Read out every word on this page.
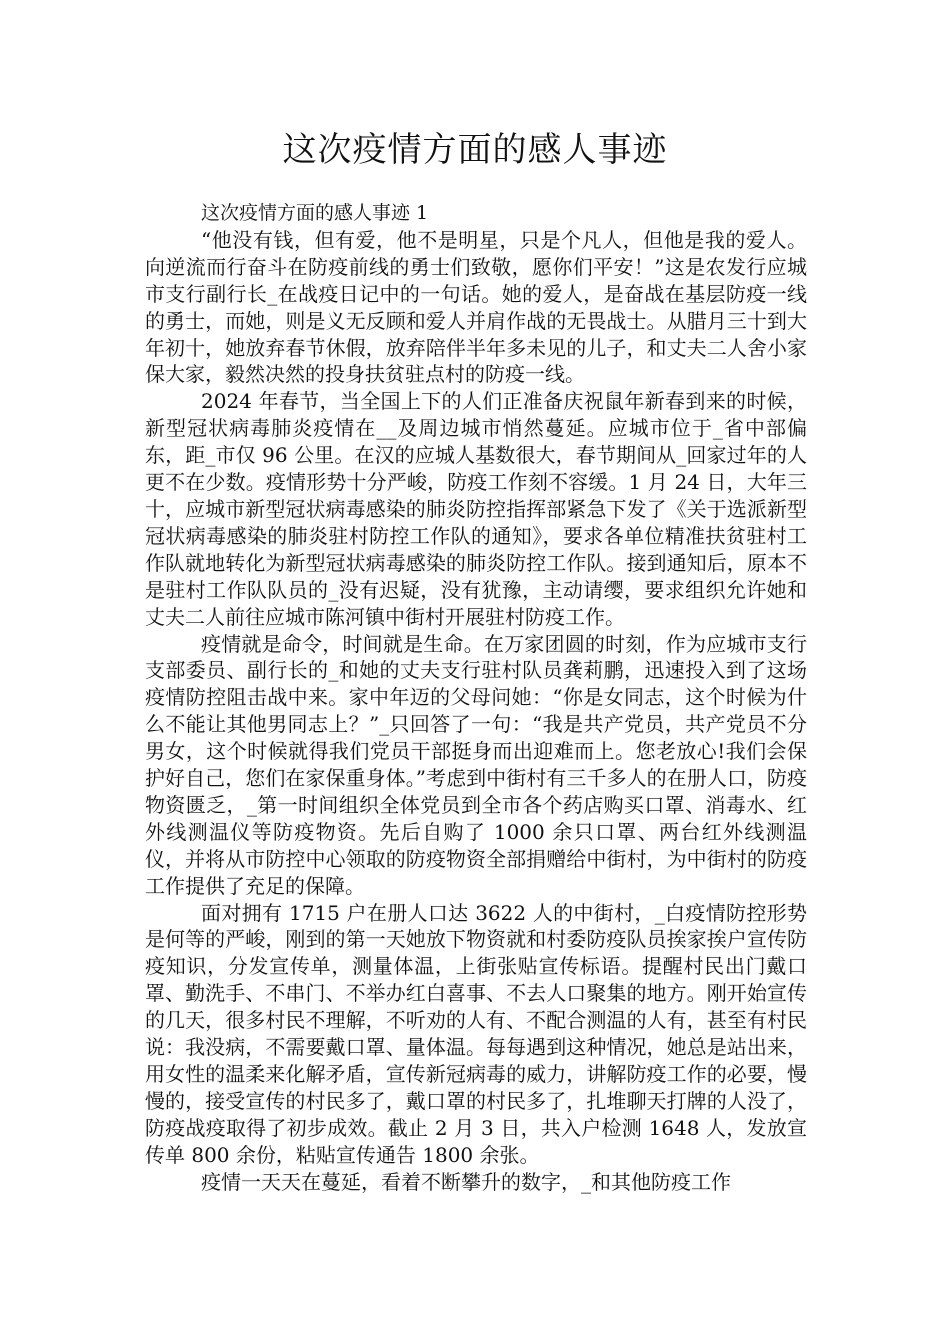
这次疫情方面的感人事迹

这次疫情方面的感人事迹 1

“他没有钱，但有爱，他不是明星，只是个凡人，但他是我的爱人。向逆流而行奋斗在防疫前线的勇士们致敬，愿你们平安！”这是农发行应城市支行副行长_在战疫日记中的一句话。她的爱人，是奋战在基层防疫一线的勇士，而她，则是义无反顾和爱人并肩作战的无畏战士。从腊月三十到大年初十，她放弃春节休假，放弃陪伴半年多未见的儿子，和丈夫二人舍小家保大家，毅然决然的投身扶贫驻点村的防疫一线。

2024 年春节，当全国上下的人们正准备庆祝鼠年新春到来的时候，新型冠状病毒肺炎疫情在__及周边城市悄然蔓延。应城市位于_省中部偏东，距_市仅 96 公里。在汉的应城人基数很大，春节期间从_回家过年的人更不在少数。疫情形势十分严峻，防疫工作刻不容缓。1 月 24 日，大年三十，应城市新型冠状病毒感染的肺炎防控指挥部紧急下发了《关于选派新型冠状病毒感染的肺炎驻村防控工作队的通知》，要求各单位精准扶贫驻村工作队就地转化为新型冠状病毒感染的肺炎防控工作队。接到通知后，原本不是驻村工作队队员的_没有迟疑，没有犹豫，主动请缨，要求组织允许她和丈夫二人前往应城市陈河镇中街村开展驻村防疫工作。

疫情就是命令，时间就是生命。在万家团圆的时刻，作为应城市支行支部委员、副行长的_和她的丈夫支行驻村队员龚莉鹏，迅速投入到了这场疫情防控阻击战中来。家中年迈的父母问她：“你是女同志，这个时候为什么不能让其他男同志上？”_只回答了一句：“我是共产党员，共产党员不分男女，这个时候就得我们党员干部挺身而出迎难而上。您老放心!我们会保护好自己，您们在家保重身体。”考虑到中街村有三千多人的在册人口，防疫物资匮乏，_第一时间组织全体党员到全市各个药店购买口罩、消毒水、红外线测温仪等防疫物资。先后自购了 1000 余只口罩、两台红外线测温仪，并将从市防控中心领取的防疫物资全部捐赠给中街村，为中街村的防疫工作提供了充足的保障。

面对拥有 1715 户在册人口达 3622 人的中街村，_白疫情防控形势是何等的严峻，刚到的第一天她放下物资就和村委防疫队员挨家挨户宣传防疫知识，分发宣传单，测量体温，上街张贴宣传标语。提醒村民出门戴口罩、勤洗手、不串门、不举办红白喜事、不去人口聚集的地方。刚开始宣传的几天，很多村民不理解，不听劝的人有、不配合测温的人有，甚至有村民说：我没病，不需要戴口罩、量体温。每每遇到这种情况，她总是站出来，用女性的温柔来化解矛盾，宣传新冠病毒的威力，讲解防疫工作的必要，慢慢的，接受宣传的村民多了，戴口罩的村民多了，扎堆聊天打牌的人没了，防疫战疫取得了初步成效。截止 2 月 3 日，共入户检测 1648 人，发放宣传单 800 余份，粘贴宣传通告 1800 余张。

疫情一天天在蔓延，看着不断攀升的数字，_和其他防疫工作
